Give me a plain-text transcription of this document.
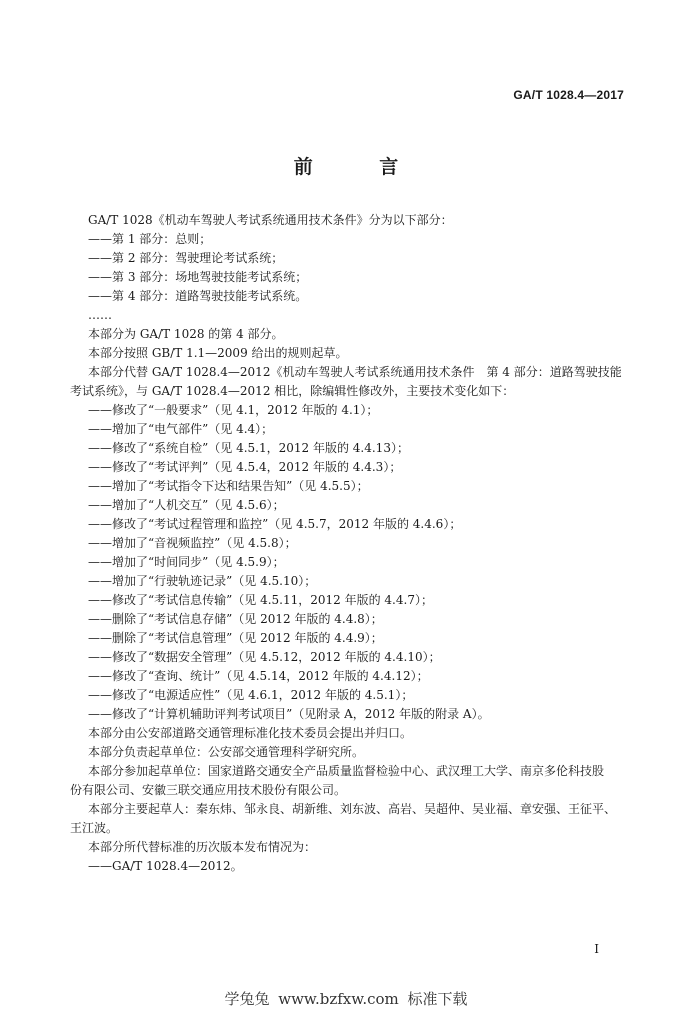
GA/T 1028.4—2017
前 言
GA/T 1028《机动车驾驶人考试系统通用技术条件》分为以下部分：
——第 1 部分：总则；
——第 2 部分：驾驶理论考试系统；
——第 3 部分：场地驾驶技能考试系统；
——第 4 部分：道路驾驶技能考试系统。
……
本部分为 GA/T 1028 的第 4 部分。
本部分按照 GB/T 1.1—2009 给出的规则起草。
本部分代替 GA/T 1028.4—2012《机动车驾驶人考试系统通用技术条件　第 4 部分：道路驾驶技能
考试系统》，与 GA/T 1028.4—2012 相比，除编辑性修改外，主要技术变化如下：
——修改了“一般要求”（见 4.1，2012 年版的 4.1）；
——增加了“电气部件”（见 4.4）；
——修改了“系统自检”（见 4.5.1，2012 年版的 4.4.13）；
——修改了“考试评判”（见 4.5.4，2012 年版的 4.4.3）；
——增加了“考试指令下达和结果告知”（见 4.5.5）；
——增加了“人机交互”（见 4.5.6）；
——修改了“考试过程管理和监控”（见 4.5.7，2012 年版的 4.4.6）；
——增加了“音视频监控”（见 4.5.8）；
——增加了“时间同步”（见 4.5.9）；
——增加了“行驶轨迹记录”（见 4.5.10）；
——修改了“考试信息传输”（见 4.5.11，2012 年版的 4.4.7）；
——删除了“考试信息存储”（见 2012 年版的 4.4.8）；
——删除了“考试信息管理”（见 2012 年版的 4.4.9）；
——修改了“数据安全管理”（见 4.5.12，2012 年版的 4.4.10）；
——修改了“查询、统计”（见 4.5.14，2012 年版的 4.4.12）；
——修改了“电源适应性”（见 4.6.1，2012 年版的 4.5.1）；
——修改了“计算机辅助评判考试项目”（见附录 A，2012 年版的附录 A）。
本部分由公安部道路交通管理标准化技术委员会提出并归口。
本部分负责起草单位：公安部交通管理科学研究所。
本部分参加起草单位：国家道路交通安全产品质量监督检验中心、武汉理工大学、南京多伦科技股
份有限公司、安徽三联交通应用技术股份有限公司。
本部分主要起草人：秦东炜、邹永良、胡新维、刘东波、高岩、吴超仲、吴业福、章安强、王征平、
王江波。
本部分所代替标准的历次版本发布情况为：
——GA/T 1028.4—2012。
I
学兔兔 www.bzfxw.com 标准下载
